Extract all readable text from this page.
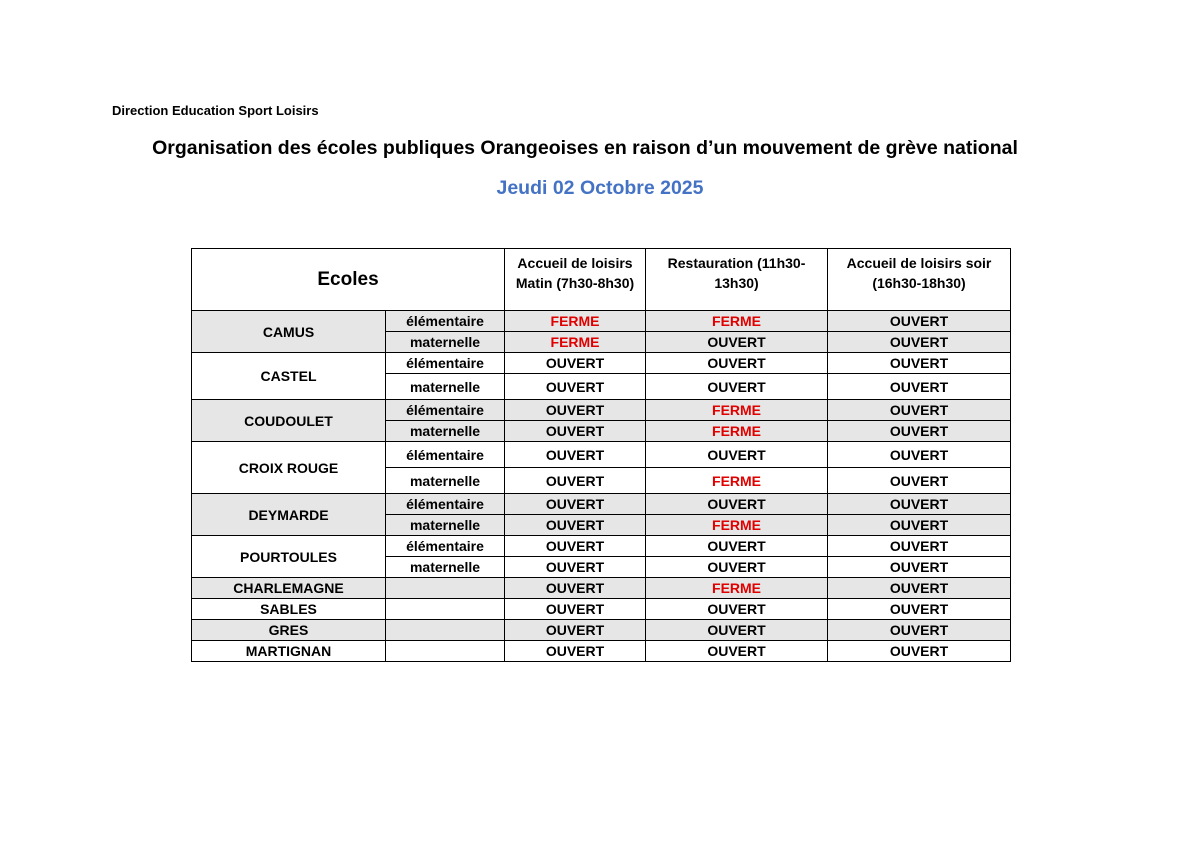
Direction Education Sport Loisirs

Organisation des écoles publiques Orangeoises en raison d’un mouvement de grève national
Jeudi 02 Octobre 2025
Ecoles		Accueil de loisirs Matin (7h30-8h30)	Restauration (11h30-13h30)	Accueil de loisirs soir (16h30-18h30)
CAMUS	élémentaire	FERME	FERME	OUVERT
	maternelle	FERME	OUVERT	OUVERT
CASTEL	élémentaire	OUVERT	OUVERT	OUVERT
	maternelle	OUVERT	OUVERT	OUVERT
COUDOULET	élémentaire	OUVERT	FERME	OUVERT
	maternelle	OUVERT	FERME	OUVERT
CROIX ROUGE	élémentaire	OUVERT	OUVERT	OUVERT
	maternelle	OUVERT	FERME	OUVERT
DEYMARDE	élémentaire	OUVERT	OUVERT	OUVERT
	maternelle	OUVERT	FERME	OUVERT
POURTOULES	élémentaire	OUVERT	OUVERT	OUVERT
	maternelle	OUVERT	OUVERT	OUVERT
CHARLEMAGNE		OUVERT	FERME	OUVERT
SABLES		OUVERT	OUVERT	OUVERT
GRES		OUVERT	OUVERT	OUVERT
MARTIGNAN		OUVERT	OUVERT	OUVERT
